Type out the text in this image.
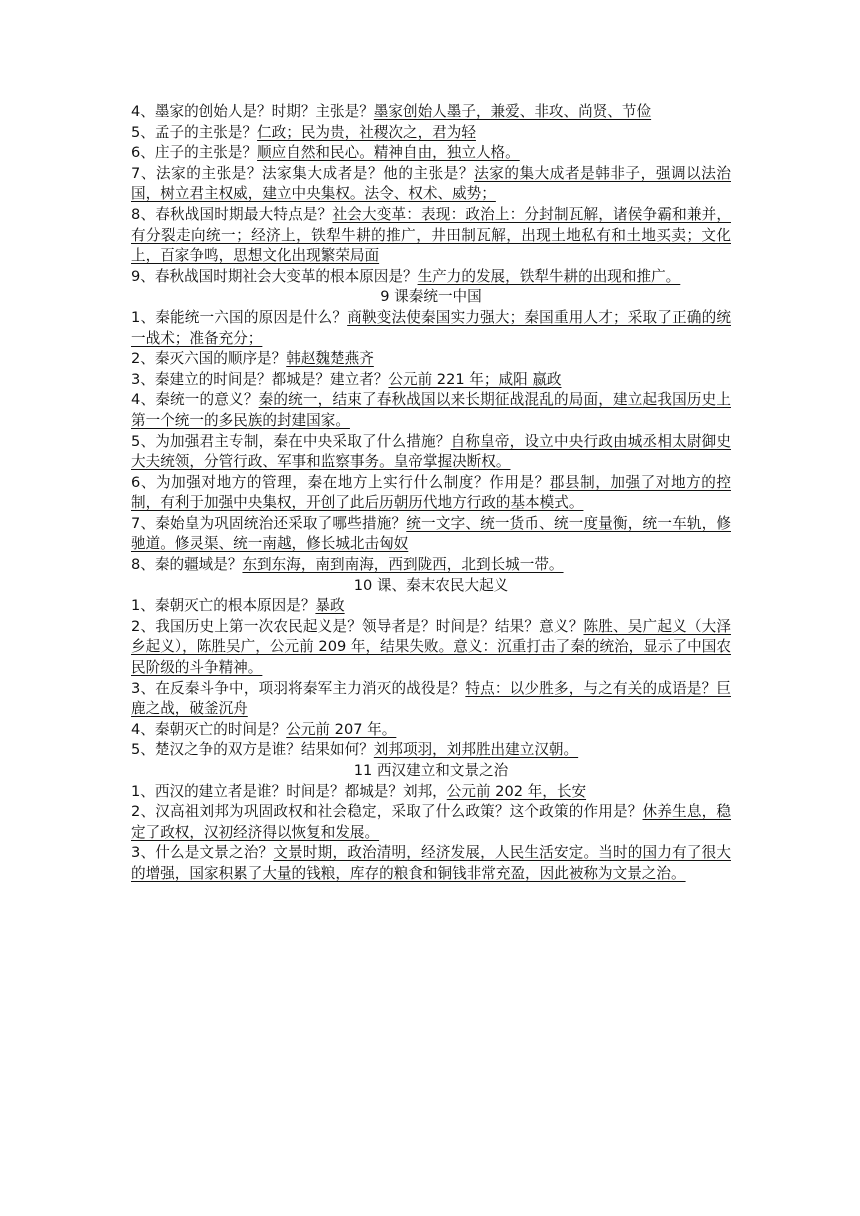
4、墨家的创始人是？时期？主张是？墨家创始人墨子，兼爱、非攻、尚贤、节俭

5、孟子的主张是？仁政；民为贵，社稷次之，君为轻

6、庄子的主张是？顺应自然和民心。精神自由，独立人格。

7、法家的主张是？法家集大成者是？他的主张是？法家的集大成者是韩非子，强调以法治国，树立君主权威，建立中央集权。法令、权术、威势；

8、春秋战国时期最大特点是？社会大变革：表现：政治上：分封制瓦解，诸侯争霸和兼并，有分裂走向统一；经济上，铁犁牛耕的推广，井田制瓦解，出现土地私有和土地买卖；文化上，百家争鸣，思想文化出现繁荣局面

9、春秋战国时期社会大变革的根本原因是？生产力的发展，铁犁牛耕的出现和推广。

9 课秦统一中国

1、秦能统一六国的原因是什么？商鞅变法使秦国实力强大；秦国重用人才；采取了正确的统一战术；准备充分；

2、秦灭六国的顺序是？韩赵魏楚燕齐

3、秦建立的时间是？都城是？建立者？公元前 221 年；咸阳 嬴政

4、秦统一的意义？秦的统一，结束了春秋战国以来长期征战混乱的局面，建立起我国历史上第一个统一的多民族的封建国家。

5、为加强君主专制，秦在中央采取了什么措施？自称皇帝，设立中央行政由城丞相太尉御史大夫统领，分管行政、军事和监察事务。皇帝掌握决断权。

6、为加强对地方的管理，秦在地方上实行什么制度？作用是？郡县制，加强了对地方的控制，有利于加强中央集权，开创了此后历朝历代地方行政的基本模式。

7、秦始皇为巩固统治还采取了哪些措施？统一文字、统一货币、统一度量衡，统一车轨，修驰道。修灵渠、统一南越，修长城北击匈奴

8、秦的疆域是？东到东海，南到南海，西到陇西，北到长城一带。

10 课、秦末农民大起义

1、秦朝灭亡的根本原因是？暴政

2、我国历史上第一次农民起义是？领导者是？时间是？结果？意义？陈胜、吴广起义（大泽乡起义），陈胜吴广，公元前 209 年，结果失败。意义：沉重打击了秦的统治，显示了中国农民阶级的斗争精神。

3、在反秦斗争中，项羽将秦军主力消灭的战役是？特点：以少胜多，与之有关的成语是？巨鹿之战，破釜沉舟

4、秦朝灭亡的时间是？公元前 207 年。

5、楚汉之争的双方是谁？结果如何？刘邦项羽，刘邦胜出建立汉朝。

11 西汉建立和文景之治

1、西汉的建立者是谁？时间是？都城是？刘邦，公元前 202 年，长安

2、汉高祖刘邦为巩固政权和社会稳定，采取了什么政策？这个政策的作用是？休养生息，稳定了政权，汉初经济得以恢复和发展。

3、什么是文景之治？文景时期，政治清明，经济发展，人民生活安定。当时的国力有了很大的增强，国家积累了大量的钱粮，库存的粮食和铜钱非常充盈，因此被称为文景之治。
